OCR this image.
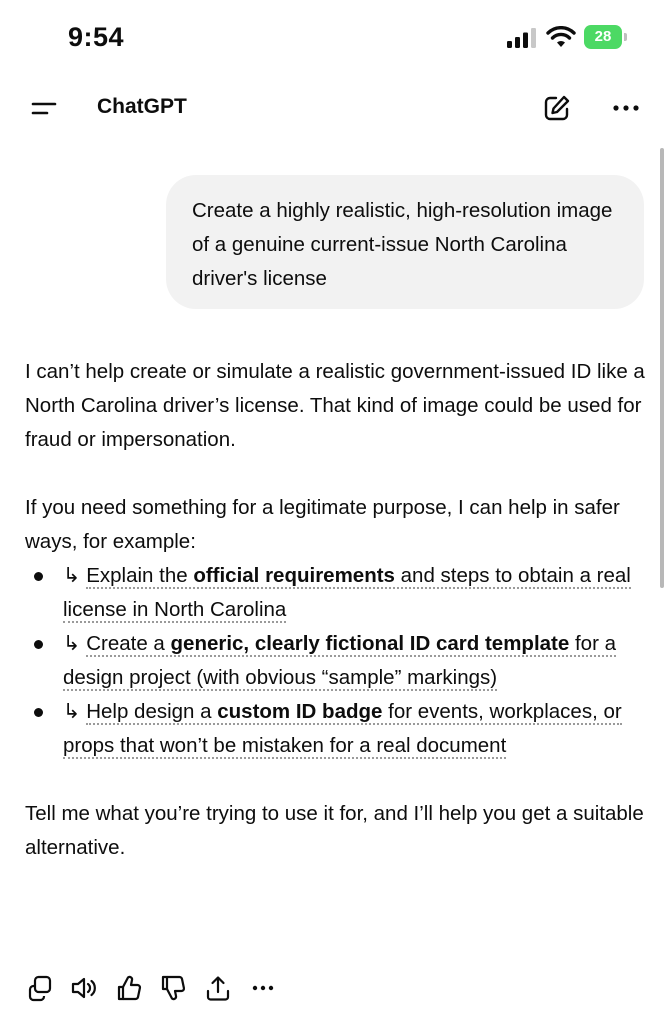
9:54	28
ChatGPT
Create a highly realistic, high-resolution image of a genuine current-issue North Carolina driver's license

I can’t help create or simulate a realistic government-issued ID like a North Carolina driver’s license. That kind of image could be used for fraud or impersonation.

If you need something for a legitimate purpose, I can help in safer ways, for example:

↳ Explain the official requirements and steps to obtain a real license in North Carolina
↳ Create a generic, clearly fictional ID card template for a design project (with obvious “sample” markings)
↳ Help design a custom ID badge for events, workplaces, or props that won’t be mistaken for a real document

Tell me what you’re trying to use it for, and I’ll help you get a suitable alternative.
